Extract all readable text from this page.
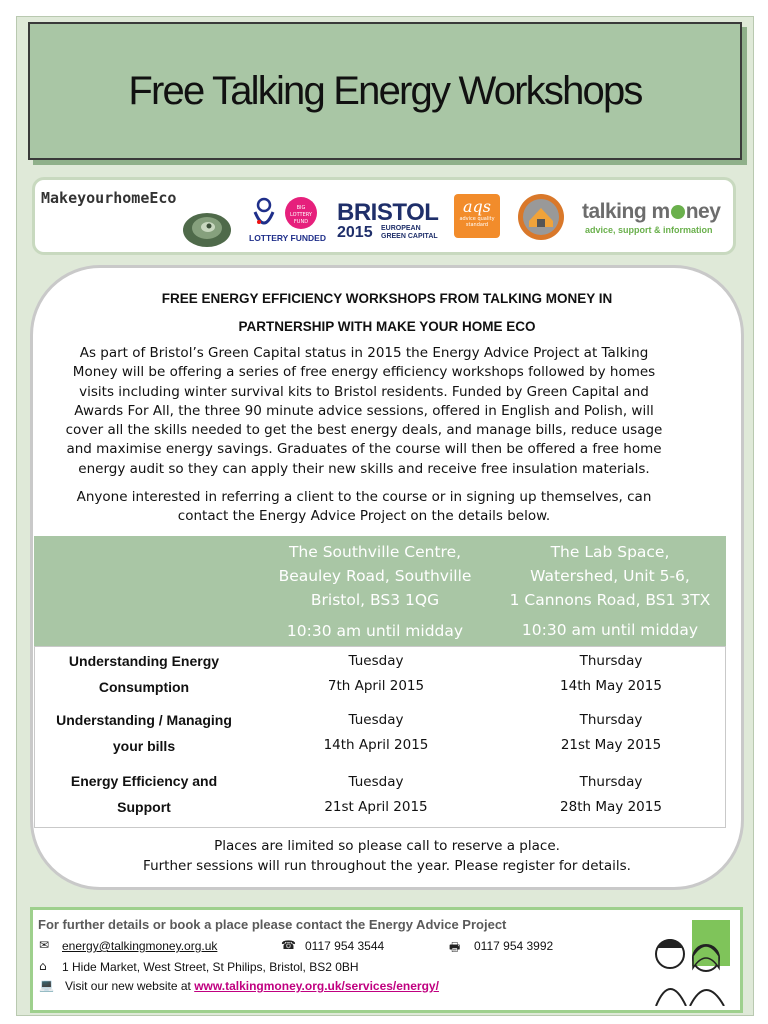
Free Talking Energy Workshops
MakeyourhomeEco
BIG LOTTERY FUND
LOTTERY FUNDED
BRISTOL
2015 EUROPEAN
GREEN CAPITAL
aqs
advice quality standard
talking m ney
advice, support & information
FREE ENERGY EFFICIENCY WORKSHOPS FROM TALKING MONEY IN
PARTNERSHIP WITH MAKE YOUR HOME ECO
As part of Bristol’s Green Capital status in 2015 the Energy Advice Project at Talking
Money will be offering a series of free energy efficiency workshops followed by homes
visits including winter survival kits to Bristol residents. Funded by Green Capital and
Awards For All, the three 90 minute advice sessions, offered in English and Polish, will
cover all the skills needed to get the best energy deals, and manage bills, reduce usage
and maximise energy savings. Graduates of the course will then be offered a free home
energy audit so they can apply their new skills and receive free insulation materials.
Anyone interested in referring a client to the course or in signing up themselves, can
contact the Energy Advice Project on the details below.
The Southville Centre,
Beauley Road, Southville
Bristol, BS3 1QG
10:30 am until midday
The Lab Space,
Watershed, Unit 5-6,
1 Cannons Road, BS1 3TX
10:30 am until midday
Understanding Energy
Consumption
Tuesday
7th April 2015
Thursday
14th May 2015
Understanding / Managing
your bills
Tuesday
14th April 2015
Thursday
21st May 2015
Energy Efficiency and
Support
Tuesday
21st April 2015
Thursday
28th May 2015
Places are limited so please call to reserve a place.
Further sessions will run throughout the year. Please register for details.
For further details or book a place please contact the Energy Advice Project
✉ energy@talkingmoney.org.uk	☎ 0117 954 3544	🖶 0117 954 3992
⌂ 1 Hide Market, West Street, St Philips, Bristol, BS2 0BH
💻 Visit our new website at www.talkingmoney.org.uk/services/energy/
